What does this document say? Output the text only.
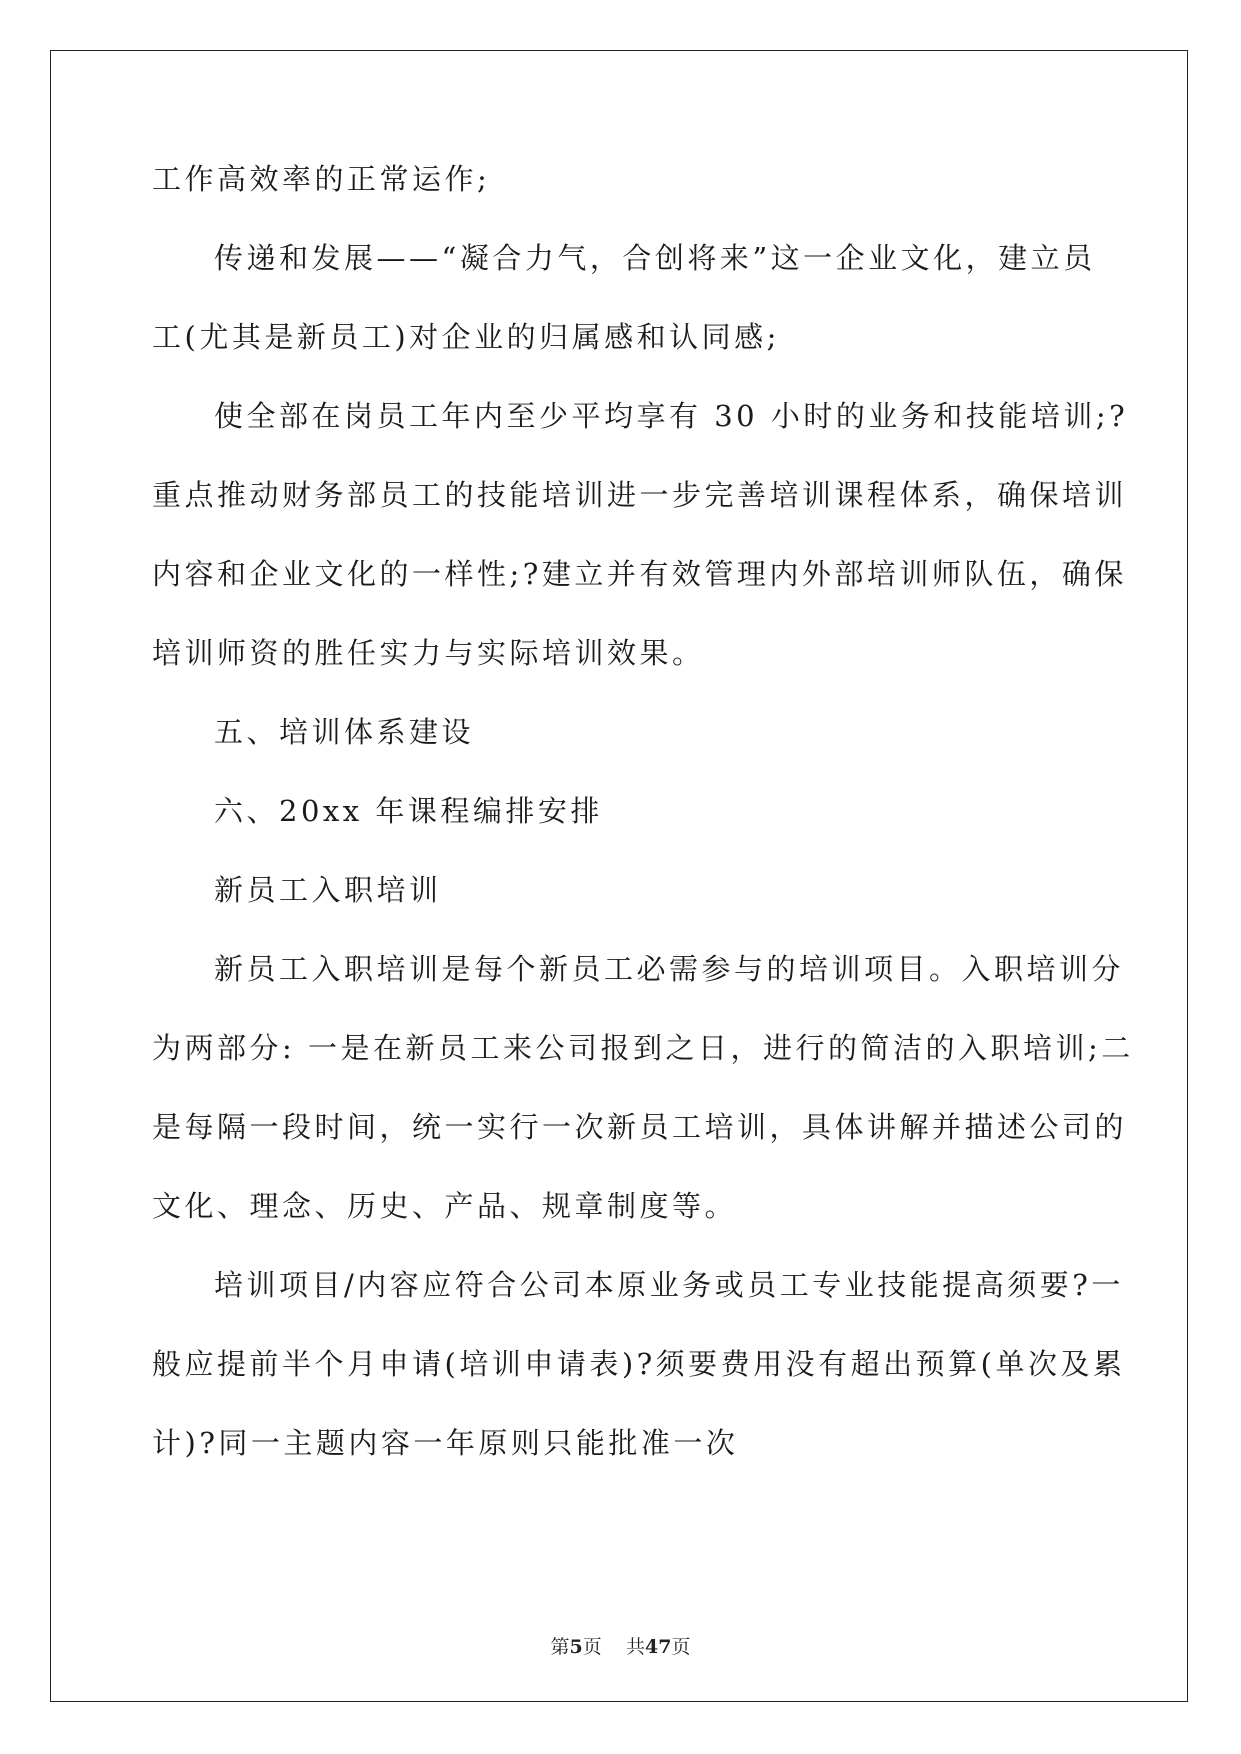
工作高效率的正常运作;
传递和发展——“凝合力气，合创将来”这一企业文化，建立员
工(尤其是新员工)对企业的归属感和认同感;
使全部在岗员工年内至少平均享有 30 小时的业务和技能培训;?
重点推动财务部员工的技能培训进一步完善培训课程体系，确保培训
内容和企业文化的一样性;?建立并有效管理内外部培训师队伍，确保
培训师资的胜任实力与实际培训效果。
五、培训体系建设
六、20xx 年课程编排安排
新员工入职培训
新员工入职培训是每个新员工必需参与的培训项目。入职培训分
为两部分: 一是在新员工来公司报到之日，进行的简洁的入职培训;二
是每隔一段时间，统一实行一次新员工培训，具体讲解并描述公司的
文化、理念、历史、产品、规章制度等。
培训项目/内容应符合公司本原业务或员工专业技能提高须要?一
般应提前半个月申请(培训申请表)?须要费用没有超出预算(单次及累
计)?同一主题内容一年原则只能批准一次
第5页 共47页
